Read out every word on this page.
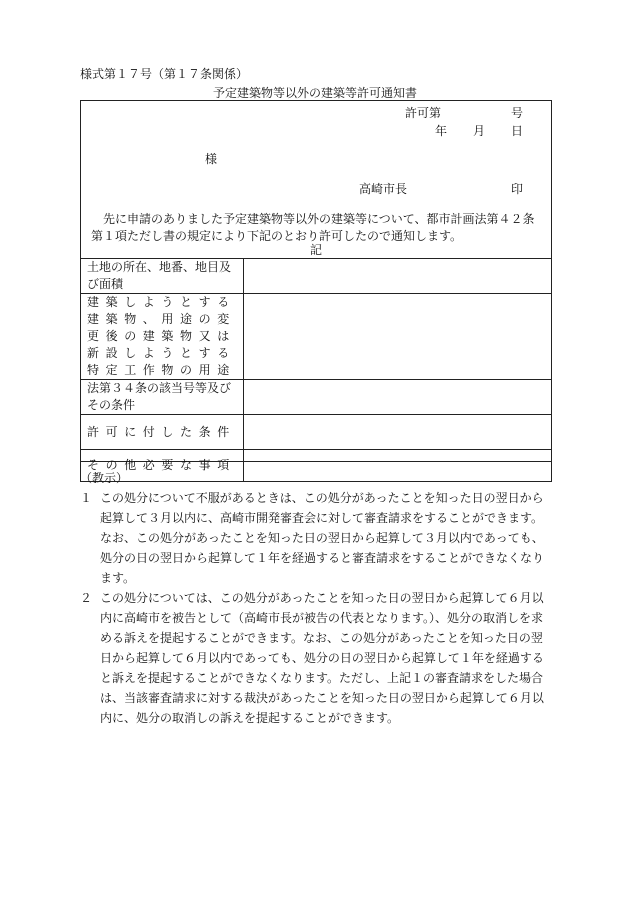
様式第１７号（第１７条関係）
予定建築物等以外の建築等許可通知書
許可第	号
年 月 日
様
高崎市長	印
先に申請のありました予定建築物等以外の建築等について、都市計画法第４２条第１項ただし書の規定により下記のとおり許可したので通知します。
記
土地の所在、地番、地目及び面積	
建築しようとする建築物、用途の変更後の建築物又は新設しようとする特定工作物の用途	
法第３４条の該当号等及びその条件	
許可に付した条件	
その他必要な事項	
（教示）
１ この処分について不服があるときは、この処分があったことを知った日の翌日から起算して３月以内に、高崎市開発審査会に対して審査請求をすることができます。なお、この処分があったことを知った日の翌日から起算して３月以内であっても、処分の日の翌日から起算して１年を経過すると審査請求をすることができなくなります。
２ この処分については、この処分があったことを知った日の翌日から起算して６月以内に高崎市を被告として（高崎市長が被告の代表となります。）、処分の取消しを求める訴えを提起することができます。なお、この処分があったことを知った日の翌日から起算して６月以内であっても、処分の日の翌日から起算して１年を経過すると訴えを提起することができなくなります。ただし、上記１の審査請求をした場合は、当該審査請求に対する裁決があったことを知った日の翌日から起算して６月以内に、処分の取消しの訴えを提起することができます。
